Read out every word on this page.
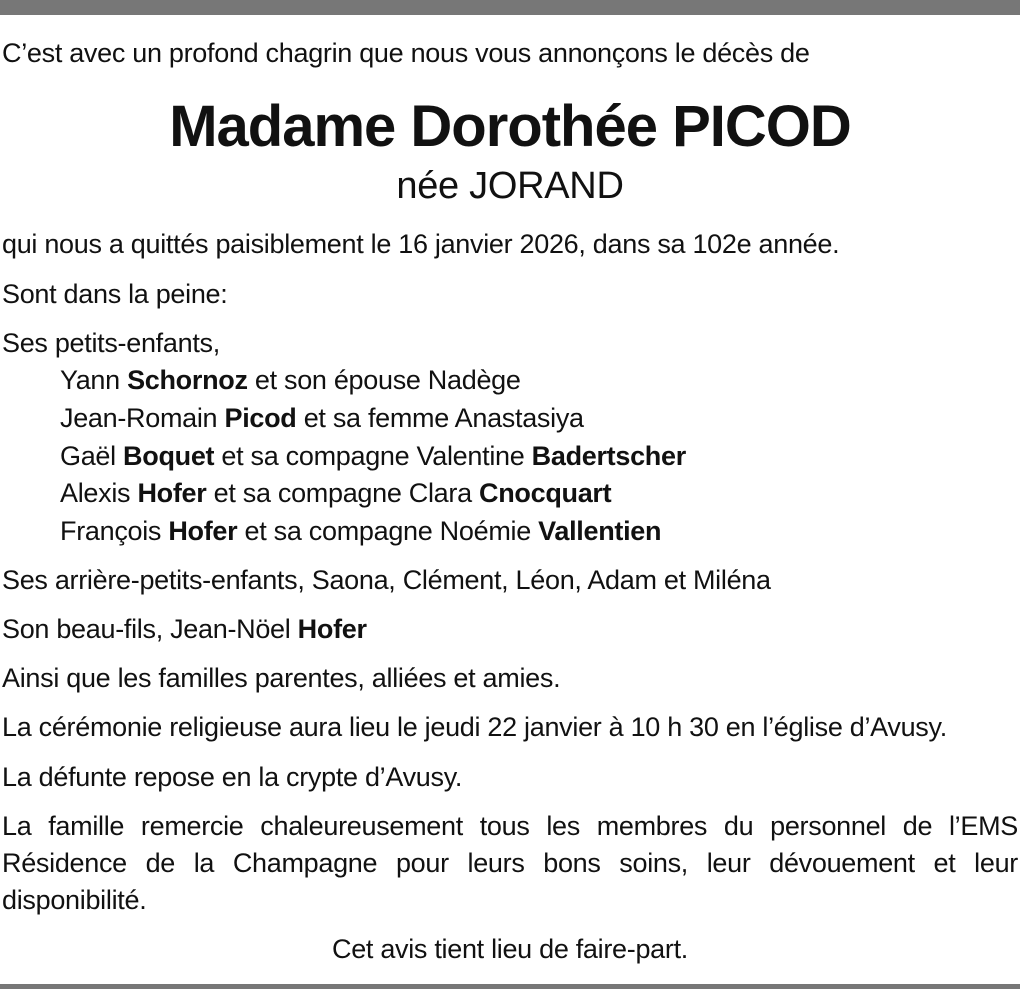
C’est avec un profond chagrin que nous vous annonçons le décès de
Madame Dorothée PICOD
née JORAND
qui nous a quittés paisiblement le 16 janvier 2026, dans sa 102e année.
Sont dans la peine:
Ses petits-enfants,
Yann Schornoz et son épouse Nadège
Jean-Romain Picod et sa femme Anastasiya
Gaël Boquet et sa compagne Valentine Badertscher
Alexis Hofer et sa compagne Clara Cnocquart
François Hofer et sa compagne Noémie Vallentien
Ses arrière-petits-enfants, Saona, Clément, Léon, Adam et Miléna
Son beau-fils, Jean-Nöel Hofer
Ainsi que les familles parentes, alliées et amies.
La cérémonie religieuse aura lieu le jeudi 22 janvier à 10 h 30 en l’église d’Avusy.
La défunte repose en la crypte d’Avusy.
La famille remercie chaleureusement tous les membres du personnel de l’EMS Résidence de la Champagne pour leurs bons soins, leur dévouement et leur disponibilité.
Cet avis tient lieu de faire-part.
